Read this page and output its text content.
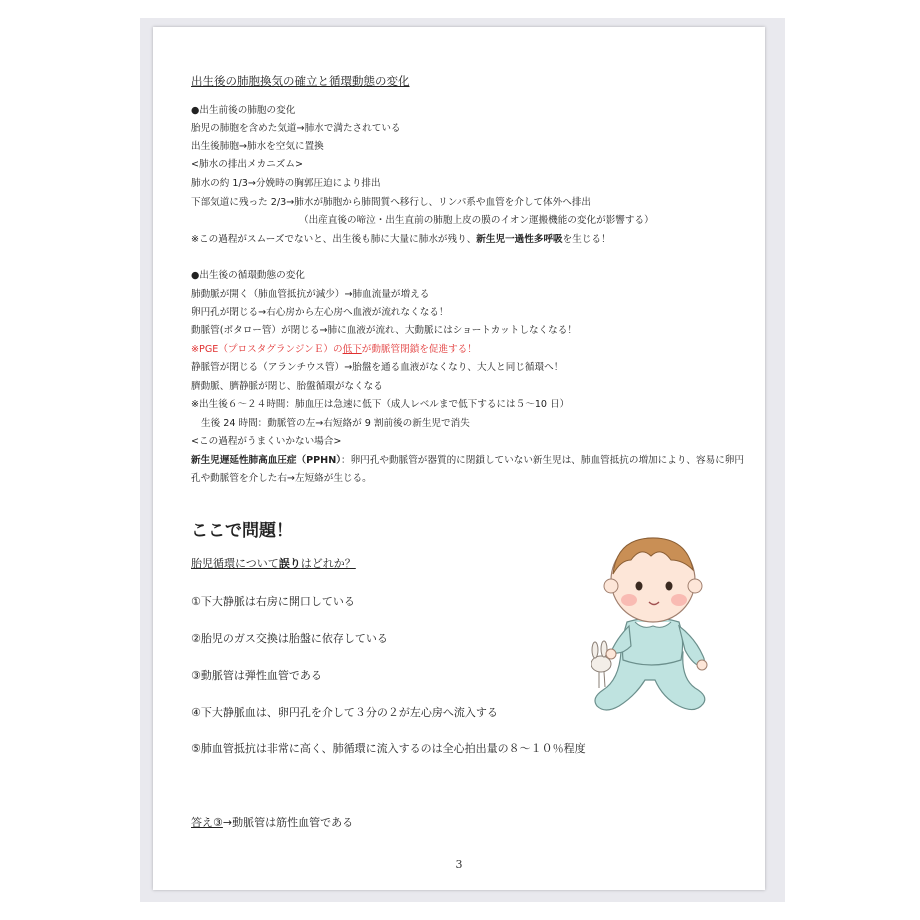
出生後の肺胞換気の確立と循環動態の変化
●出生前後の肺胞の変化
胎児の肺胞を含めた気道→肺水で満たされている
出生後肺胞→肺水を空気に置換
<肺水の排出メカニズム>
肺水の約 1/3→分娩時の胸郭圧迫により排出
下部気道に残った 2/3→肺水が肺胞から肺間質へ移行し、リンパ系や血管を介して体外へ排出
（出産直後の啼泣・出生直前の肺胞上皮の膜のイオン運搬機能の変化が影響する）
※この過程がスムーズでないと、出生後も肺に大量に肺水が残り、新生児一過性多呼吸を生じる！
●出生後の循環動態の変化
肺動脈が開く（肺血管抵抗が減少）→肺血流量が増える
卵円孔が閉じる→右心房から左心房へ血液が流れなくなる！
動脈管(ボタロー管）が閉じる→肺に血液が流れ、大動脈にはショートカットしなくなる！
※PGE（プロスタグランジンＥ）の低下が動脈管閉鎖を促進する！
静脈管が閉じる（アランチウス管）→胎盤を通る血液がなくなり、大人と同じ循環へ！
臍動脈、臍静脈が閉じ、胎盤循環がなくなる
※出生後６～２４時間：肺血圧は急速に低下（成人レベルまで低下するには５～10 日）
生後 24 時間：動脈管の左→右短絡が 9 割前後の新生児で消失
<この過程がうまくいかない場合>
新生児遅延性肺高血圧症（PPHN）：卵円孔や動脈管が器質的に閉鎖していない新生児は、肺血管抵抗の増加により、容易に卵円
孔や動脈管を介した右→左短絡が生じる。
ここで問題！
胎児循環について誤りはどれか？
①下大静脈は右房に開口している
②胎児のガス交換は胎盤に依存している
③動脈管は弾性血管である
④下大静脈血は、卵円孔を介して３分の２が左心房へ流入する
⑤肺血管抵抗は非常に高く、肺循環に流入するのは全心拍出量の８～１０％程度
答え③→動脈管は筋性血管である
3
